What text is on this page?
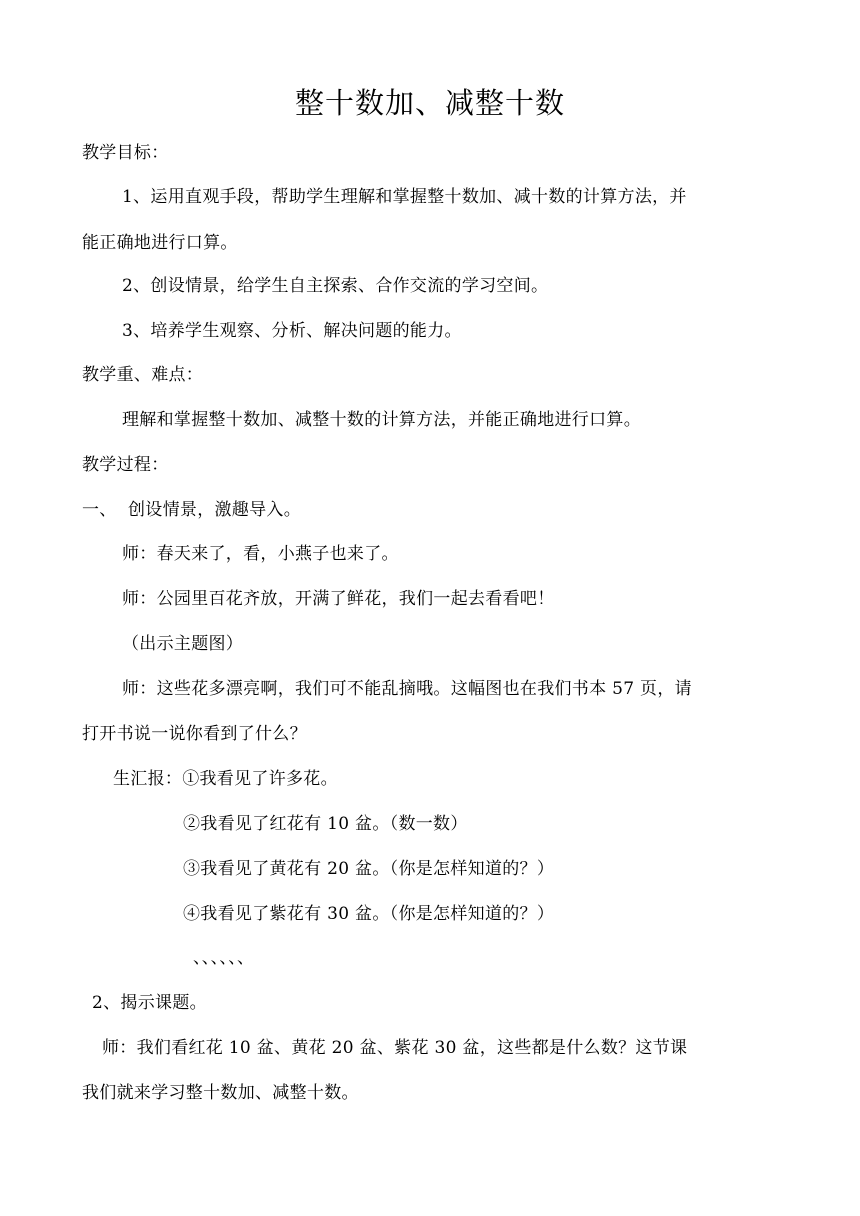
整十数加、减整十数
教学目标：
1、运用直观手段，帮助学生理解和掌握整十数加、减十数的计算方法，并
能正确地进行口算。
2、创设情景，给学生自主探索、合作交流的学习空间。
3、培养学生观察、分析、解决问题的能力。
教学重、难点：
理解和掌握整十数加、减整十数的计算方法，并能正确地进行口算。
教学过程：
一、  创设情景，激趣导入。
师：春天来了，看，小燕子也来了。
师：公园里百花齐放，开满了鲜花，我们一起去看看吧！
（出示主题图）
师：这些花多漂亮啊，我们可不能乱摘哦。这幅图也在我们书本 57 页，请
打开书说一说你看到了什么？
生汇报：①我看见了许多花。
②我看见了红花有 10 盆。（数一数）
③我看见了黄花有 20 盆。（你是怎样知道的？）
④我看见了紫花有 30 盆。（你是怎样知道的？）
、、、、、、
2、揭示课题。
师：我们看红花 10 盆、黄花 20 盆、紫花 30 盆，这些都是什么数？这节课
我们就来学习整十数加、减整十数。
